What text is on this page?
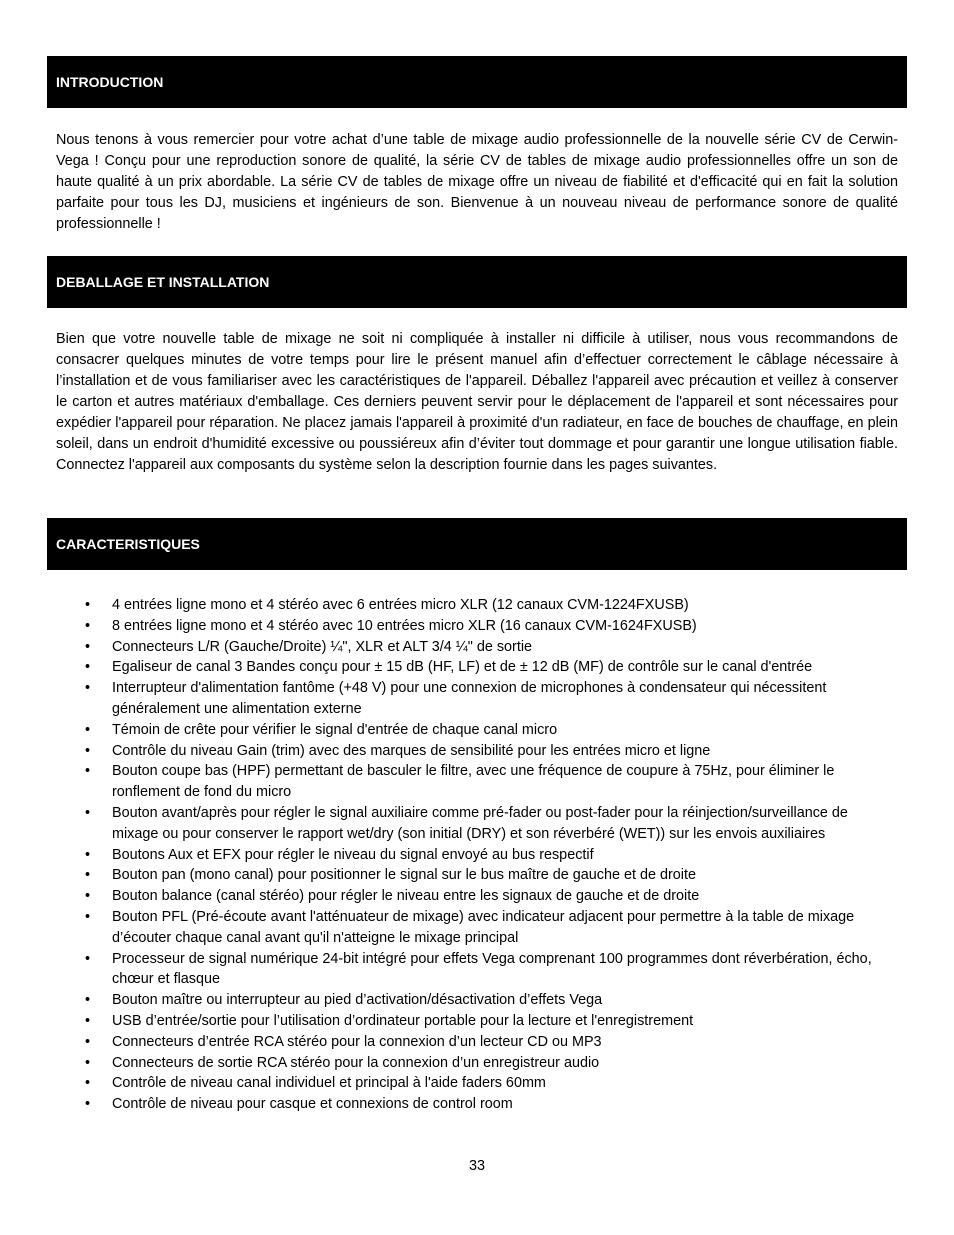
INTRODUCTION

Nous tenons à vous remercier pour votre achat d’une table de mixage audio professionnelle de la nouvelle série CV de Cerwin-Vega ! Conçu pour une reproduction sonore de qualité, la série CV de tables de mixage audio professionnelles offre un son de haute qualité à un prix abordable. La série CV de tables de mixage offre un niveau de fiabilité et d'efficacité qui en fait la solution parfaite pour tous les DJ, musiciens et ingénieurs de son. Bienvenue à un nouveau niveau de performance sonore de qualité professionnelle !

DEBALLAGE ET INSTALLATION

Bien que votre nouvelle table de mixage ne soit ni compliquée à installer ni difficile à utiliser, nous vous recommandons de consacrer quelques minutes de votre temps pour lire le présent manuel afin d’effectuer correctement le câblage nécessaire à l’installation et de vous familiariser avec les caractéristiques de l'appareil. Déballez l'appareil avec précaution et veillez à conserver le carton et autres matériaux d'emballage. Ces derniers peuvent servir pour le déplacement de l'appareil et sont nécessaires pour expédier l'appareil pour réparation. Ne placez jamais l'appareil à proximité d'un radiateur, en face de bouches de chauffage, en plein soleil, dans un endroit d'humidité excessive ou poussiéreux afin d’éviter tout dommage et pour garantir une longue utilisation fiable. Connectez l'appareil aux composants du système selon la description fournie dans les pages suivantes.

CARACTERISTIQUES
• 4 entrées ligne mono et 4 stéréo avec 6 entrées micro XLR (12 canaux CVM-1224FXUSB)
• 8 entrées ligne mono et 4 stéréo avec 10 entrées micro XLR (16 canaux CVM-1624FXUSB)
• Connecteurs L/R (Gauche/Droite) ¼", XLR et ALT 3/4 ¼" de sortie
• Egaliseur de canal 3 Bandes conçu pour ± 15 dB (HF, LF) et de ± 12 dB (MF) de contrôle sur le canal d'entrée
• Interrupteur d'alimentation fantôme (+48 V) pour une connexion de microphones à condensateur qui nécessitent généralement une alimentation externe
• Témoin de crête pour vérifier le signal d'entrée de chaque canal micro
• Contrôle du niveau Gain (trim) avec des marques de sensibilité pour les entrées micro et ligne
• Bouton coupe bas (HPF) permettant de basculer le filtre, avec une fréquence de coupure à 75Hz, pour éliminer le ronflement de fond du micro
• Bouton avant/après pour régler le signal auxiliaire comme pré-fader ou post-fader pour la réinjection/surveillance de mixage ou pour conserver le rapport wet/dry (son initial (DRY) et son réverbéré (WET)) sur les envois auxiliaires
• Boutons Aux et EFX pour régler le niveau du signal envoyé au bus respectif
• Bouton pan (mono canal) pour positionner le signal sur le bus maître de gauche et de droite
• Bouton balance (canal stéréo) pour régler le niveau entre les signaux de gauche et de droite
• Bouton PFL (Pré-écoute avant l'atténuateur de mixage) avec indicateur adjacent pour permettre à la table de mixage d’écouter chaque canal avant qu'il n'atteigne le mixage principal
• Processeur de signal numérique 24-bit intégré pour effets Vega comprenant 100 programmes dont réverbération, écho, chœur et flasque
• Bouton maître ou interrupteur au pied d’activation/désactivation d’effets Vega
• USB d’entrée/sortie pour l’utilisation d’ordinateur portable pour la lecture et l'enregistrement
• Connecteurs d’entrée RCA stéréo pour la connexion d’un lecteur CD ou MP3
• Connecteurs de sortie RCA stéréo pour la connexion d’un enregistreur audio
• Contrôle de niveau canal individuel et principal à l'aide faders 60mm
• Contrôle de niveau pour casque et connexions de control room
33
